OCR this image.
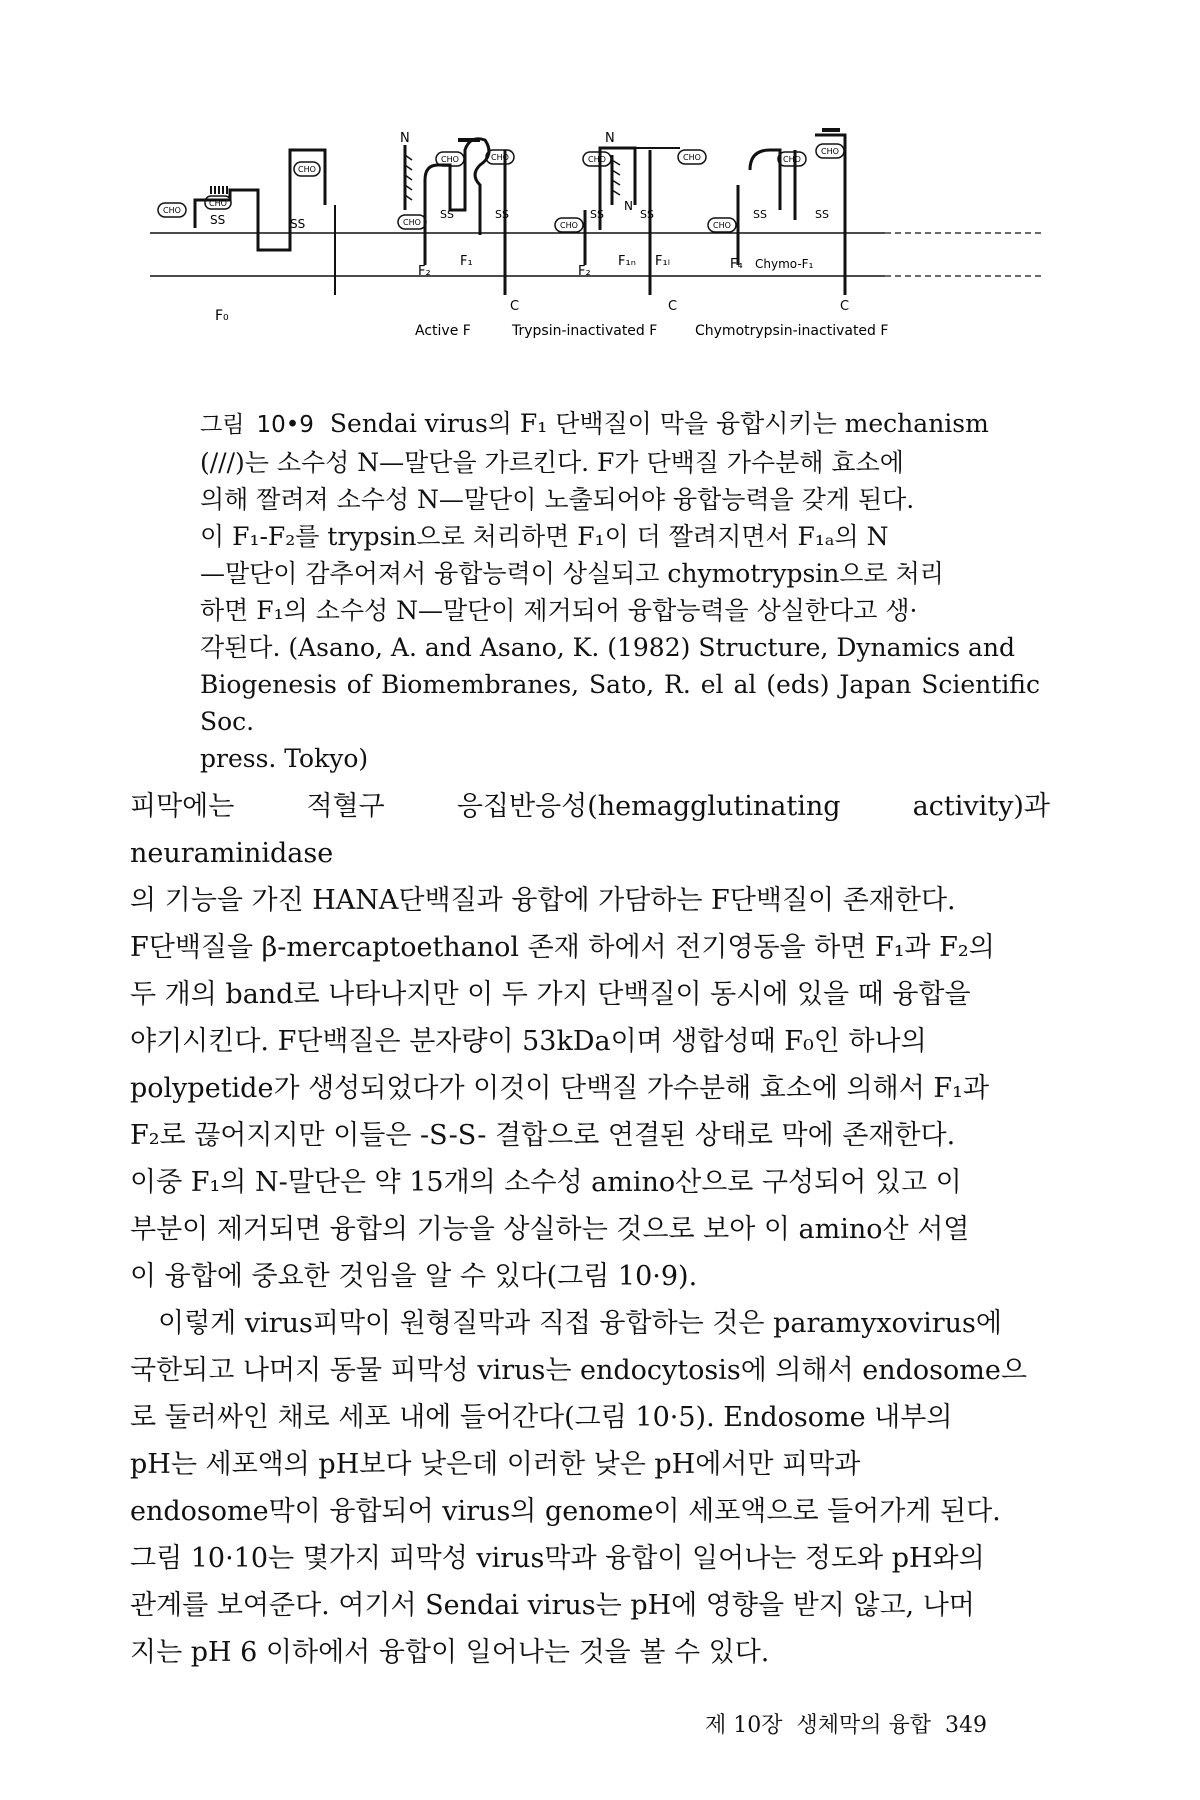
CHO
CHO
CHO
SS	SS
F₀
CHO	CHO
CHO
N
SS	SS
F₂
F₁
C
Active F
CHO	CHO
CHO
N
N
SS	SS
F₂
F₁ₙ F₁ₗ
C
Trypsin-inactivated F
CHO
CHO
CHO
SS	SS
F₄ Chymo-F₁
C
Chymotrypsin-inactivated F

그림 10•9 Sendai virus의 F₁ 단백질이 막을 융합시키는 mechanism

(///)는 소수성 N—말단을 가르킨다. F가 단백질 가수분해 효소에

의해 짤려져 소수성 N—말단이 노출되어야 융합능력을 갖게 된다.

이 F₁-F₂를 trypsin으로 처리하면 F₁이 더 짤려지면서 F₁ₐ의 N

—말단이 감추어져서 융합능력이 상실되고 chymotrypsin으로 처리

하면 F₁의 소수성 N—말단이 제거되어 융합능력을 상실한다고 생·

각된다. (Asano, A. and Asano, K. (1982) Structure, Dynamics and

Biogenesis of Biomembranes, Sato, R. el al (eds) Japan Scientific Soc.

press. Tokyo)

피막에는 적혈구 응집반응성(hemagglutinating activity)과 neuraminidase

의 기능을 가진 HANA단백질과 융합에 가담하는 F단백질이 존재한다.

F단백질을 β-mercaptoethanol 존재 하에서 전기영동을 하면 F₁과 F₂의

두 개의 band로 나타나지만 이 두 가지 단백질이 동시에 있을 때 융합을

야기시킨다. F단백질은 분자량이 53kDa이며 생합성때 F₀인 하나의

polypetide가 생성되었다가 이것이 단백질 가수분해 효소에 의해서 F₁과

F₂로 끊어지지만 이들은 -S-S- 결합으로 연결된 상태로 막에 존재한다.

이중 F₁의 N-말단은 약 15개의 소수성 amino산으로 구성되어 있고 이

부분이 제거되면 융합의 기능을 상실하는 것으로 보아 이 amino산 서열

이 융합에 중요한 것임을 알 수 있다(그림 10·9).

이렇게 virus피막이 원형질막과 직접 융합하는 것은 paramyxovirus에

국한되고 나머지 동물 피막성 virus는 endocytosis에 의해서 endosome으

로 둘러싸인 채로 세포 내에 들어간다(그림 10·5). Endosome 내부의

pH는 세포액의 pH보다 낮은데 이러한 낮은 pH에서만 피막과

endosome막이 융합되어 virus의 genome이 세포액으로 들어가게 된다.

그림 10·10는 몇가지 피막성 virus막과 융합이 일어나는 정도와 pH와의

관계를 보여준다. 여기서 Sendai virus는 pH에 영향을 받지 않고, 나머

지는 pH 6 이하에서 융합이 일어나는 것을 볼 수 있다.

제 10장 생체막의 융합 349
